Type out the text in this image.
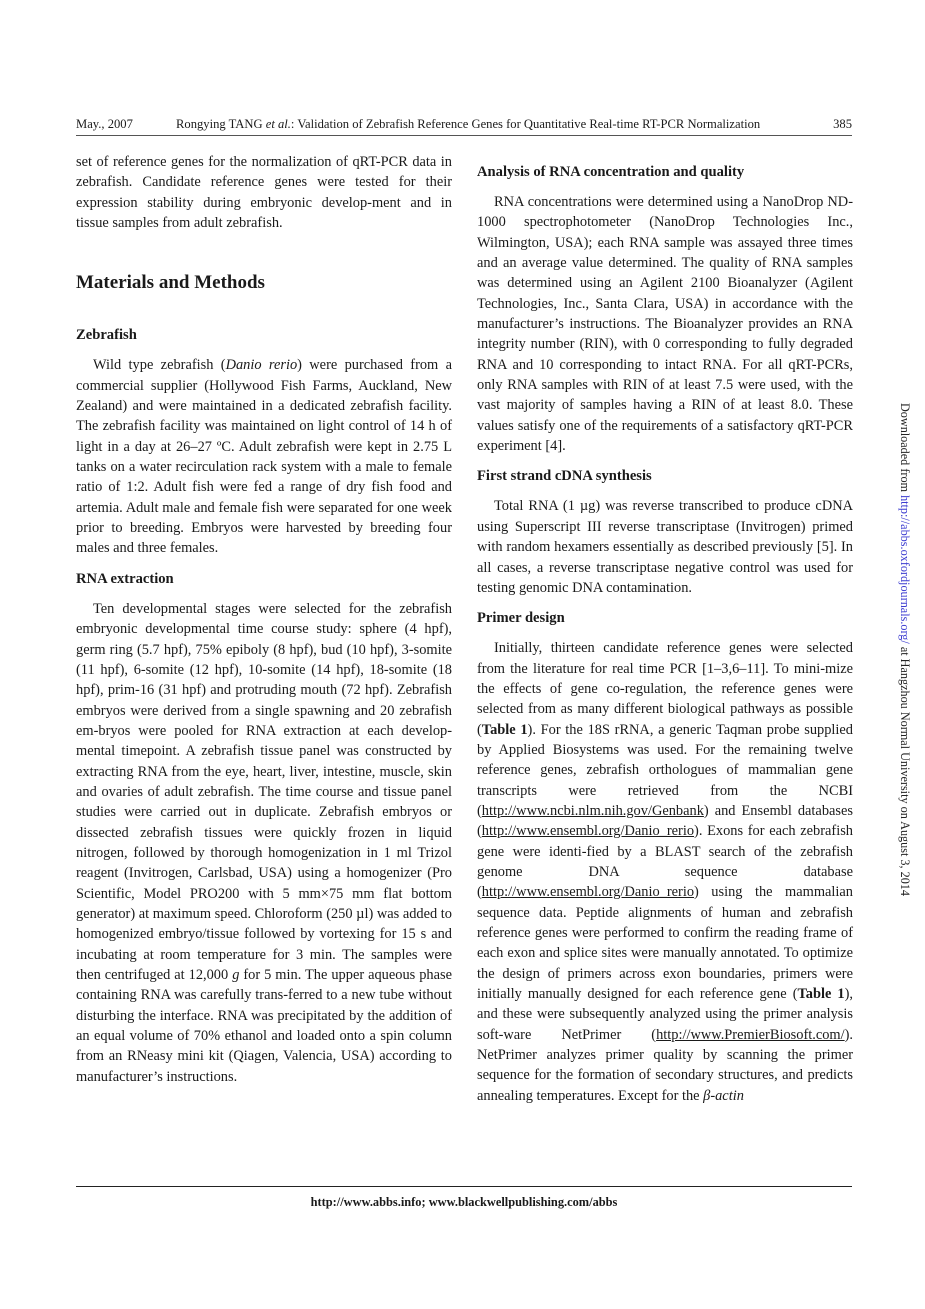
May., 2007	Rongying TANG et al.: Validation of Zebrafish Reference Genes for Quantitative Real-time RT-PCR Normalization	385

set of reference genes for the normalization of qRT-PCR data in zebrafish. Candidate reference genes were tested for their expression stability during embryonic develop-ment and in tissue samples from adult zebrafish.

Materials and Methods
Zebrafish

Wild type zebrafish (Danio rerio) were purchased from a commercial supplier (Hollywood Fish Farms, Auckland, New Zealand) and were maintained in a dedicated zebrafish facility. The zebrafish facility was maintained on light control of 14 h of light in a day at 26–27 ºC. Adult zebrafish were kept in 2.75 L tanks on a water recirculation rack system with a male to female ratio of 1:2. Adult fish were fed a range of dry fish food and artemia. Adult male and female fish were separated for one week prior to breeding. Embryos were harvested by breeding four males and three females.

RNA extraction

Ten developmental stages were selected for the zebrafish embryonic developmental time course study: sphere (4 hpf), germ ring (5.7 hpf), 75% epiboly (8 hpf), bud (10 hpf), 3-somite (11 hpf), 6-somite (12 hpf), 10-somite (14 hpf), 18-somite (18 hpf), prim-16 (31 hpf) and protruding mouth (72 hpf). Zebrafish embryos were derived from a single spawning and 20 zebrafish em-bryos were pooled for RNA extraction at each develop-mental timepoint. A zebrafish tissue panel was constructed by extracting RNA from the eye, heart, liver, intestine, muscle, skin and ovaries of adult zebrafish. The time course and tissue panel studies were carried out in duplicate. Zebrafish embryos or dissected zebrafish tissues were quickly frozen in liquid nitrogen, followed by thorough homogenization in 1 ml Trizol reagent (Invitrogen, Carlsbad, USA) using a homogenizer (Pro Scientific, Model PRO200 with 5 mm×75 mm flat bottom generator) at maximum speed. Chloroform (250 µl) was added to homogenized embryo/tissue followed by vortexing for 15 s and incubating at room temperature for 3 min. The samples were then centrifuged at 12,000 g for 5 min. The upper aqueous phase containing RNA was carefully trans-ferred to a new tube without disturbing the interface. RNA was precipitated by the addition of an equal volume of 70% ethanol and loaded onto a spin column from an RNeasy mini kit (Qiagen, Valencia, USA) according to manufacturer’s instructions.

Analysis of RNA concentration and quality

RNA concentrations were determined using a NanoDrop ND-1000 spectrophotometer (NanoDrop Technologies Inc., Wilmington, USA); each RNA sample was assayed three times and an average value determined. The quality of RNA samples was determined using an Agilent 2100 Bioanalyzer (Agilent Technologies, Inc., Santa Clara, USA) in accordance with the manufacturer’s instructions. The Bioanalyzer provides an RNA integrity number (RIN), with 0 corresponding to fully degraded RNA and 10 corresponding to intact RNA. For all qRT-PCRs, only RNA samples with RIN of at least 7.5 were used, with the vast majority of samples having a RIN of at least 8.0. These values satisfy one of the requirements of a satisfactory qRT-PCR experiment [4].

First strand cDNA synthesis

Total RNA (1 µg) was reverse transcribed to produce cDNA using Superscript III reverse transcriptase (Invitrogen) primed with random hexamers essentially as described previously [5]. In all cases, a reverse transcriptase negative control was used for testing genomic DNA contamination.

Primer design

Initially, thirteen candidate reference genes were selected from the literature for real time PCR [1–3,6–11]. To mini-mize the effects of gene co-regulation, the reference genes were selected from as many different biological pathways as possible (Table 1). For the 18S rRNA, a generic Taqman probe supplied by Applied Biosystems was used. For the remaining twelve reference genes, zebrafish orthologues of mammalian gene transcripts were retrieved from the NCBI (http://www.ncbi.nlm.nih.gov/Genbank) and Ensembl databases (http://www.ensembl.org/Danio_rerio). Exons for each zebrafish gene were identi-fied by a BLAST search of the zebrafish genome DNA sequence database (http://www.ensembl.org/Danio_rerio) using the mammalian sequence data. Peptide alignments of human and zebrafish reference genes were performed to confirm the reading frame of each exon and splice sites were manually annotated. To optimize the design of primers across exon boundaries, primers were initially manually designed for each reference gene (Table 1), and these were subsequently analyzed using the primer analysis soft-ware NetPrimer (http://www.PremierBiosoft.com/). NetPrimer analyzes primer quality by scanning the primer sequence for the formation of secondary structures, and predicts annealing temperatures. Except for the β-actin

http://www.abbs.info; www.blackwellpublishing.com/abbs
Downloaded from http://abbs.oxfordjournals.org/ at Hangzhou Normal University on August 3, 2014
